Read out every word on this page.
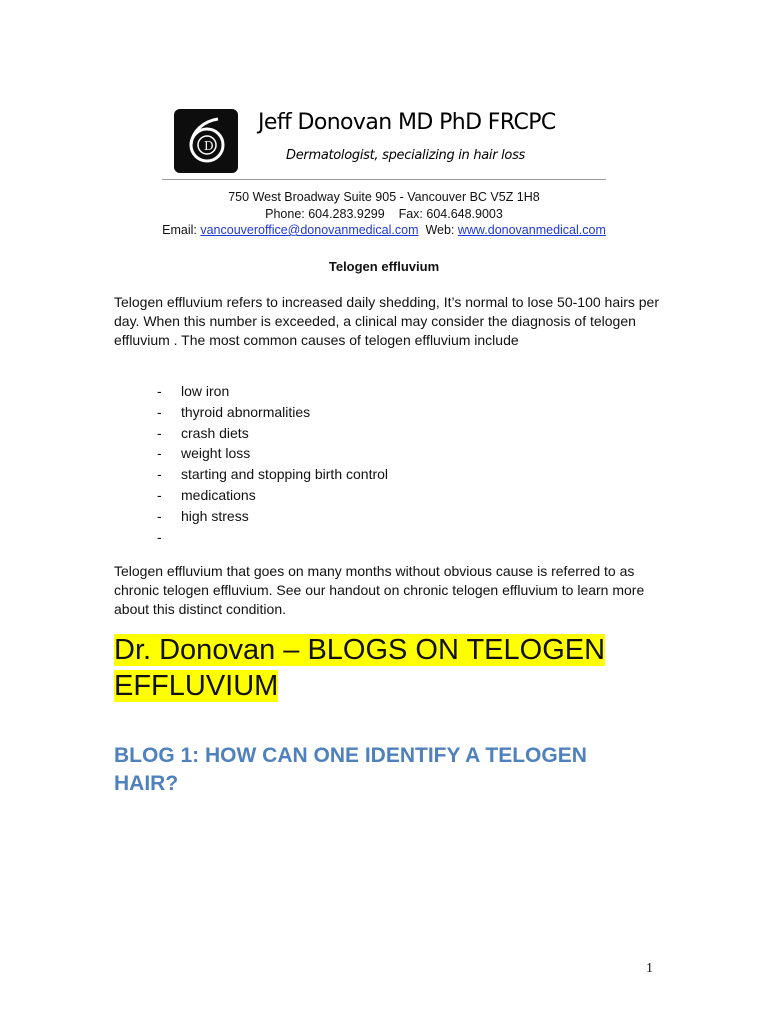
D
Jeff Donovan MD PhD FRCPC
Dermatologist, specializing in hair loss
750 West Broadway Suite 905 - Vancouver BC V5Z 1H8
Phone: 604.283.9299    Fax: 604.648.9003
Email: vancouveroffice@donovanmedical.com Web: www.donovanmedical.com
Telogen effluvium
Telogen effluvium refers to increased daily shedding, It’s normal to lose 50-100 hairs per day. When this number is exceeded, a clinical may consider the diagnosis of telogen effluvium . The most common causes of telogen effluvium include
- low iron
- thyroid abnormalities
- crash diets
- weight loss
- starting and stopping birth control
- medications
- high stress
-
Telogen effluvium that goes on many months without obvious cause is referred to as chronic telogen effluvium. See our handout on chronic telogen effluvium to learn more about this distinct condition.
Dr. Donovan – BLOGS ON TELOGEN
EFFLUVIUM
BLOG 1: HOW CAN ONE IDENTIFY A TELOGEN HAIR?
1
